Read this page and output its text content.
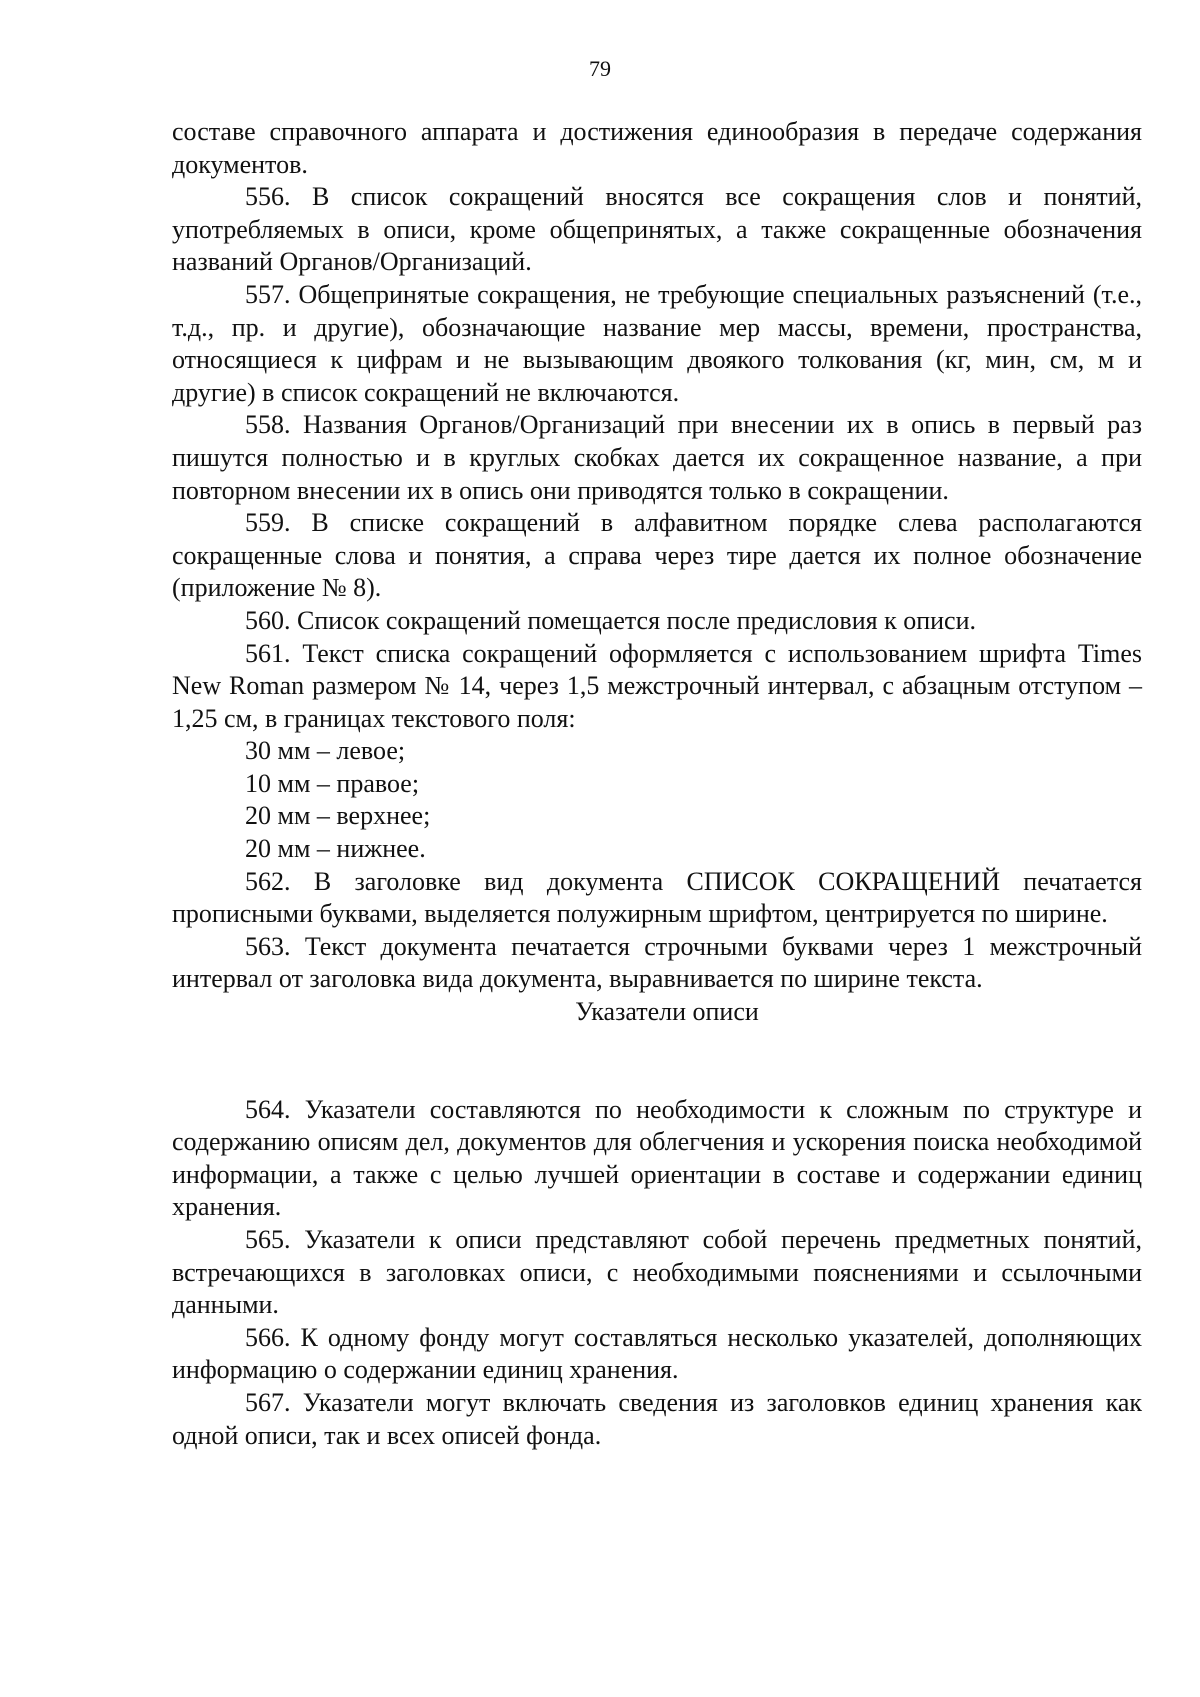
79

составе справочного аппарата и достижения единообразия в передаче содержания документов.

556. В список сокращений вносятся все сокращения слов и понятий, употребляемых в описи, кроме общепринятых, а также сокращенные обозначения названий Органов/Организаций.

557. Общепринятые сокращения, не требующие специальных разъяснений (т.е., т.д., пр. и другие), обозначающие название мер массы, времени, пространства, относящиеся к цифрам и не вызывающим двоякого толкования (кг, мин, см, м и другие) в список сокращений не включаются.

558. Названия Органов/Организаций при внесении их в опись в первый раз пишутся полностью и в круглых скобках дается их сокращенное название, а при повторном внесении их в опись они приводятся только в сокращении.

559. В списке сокращений в алфавитном порядке слева располагаются сокращенные слова и понятия, а справа через тире дается их полное обозначение (приложение № 8).

560. Список сокращений помещается после предисловия к описи.

561. Текст списка сокращений оформляется с использованием шрифта Times New Roman размером № 14, через 1,5 межстрочный интервал, с абзацным отступом – 1,25 см, в границах текстового поля:

30 мм – левое;

10 мм – правое;

20 мм – верхнее;

20 мм – нижнее.

562. В заголовке вид документа СПИСОК СОКРАЩЕНИЙ печатается прописными буквами, выделяется полужирным шрифтом, центрируется по ширине.

563. Текст документа печатается строчными буквами через 1 межстрочный интервал от заголовка вида документа, выравнивается по ширине текста.

Указатели описи

564. Указатели составляются по необходимости к сложным по структуре и содержанию описям дел, документов для облегчения и ускорения поиска необходимой информации, а также с целью лучшей ориентации в составе и содержании единиц хранения.

565. Указатели к описи представляют собой перечень предметных понятий, встречающихся в заголовках описи, с необходимыми пояснениями и ссылочными данными.

566. К одному фонду могут составляться несколько указателей, дополняющих информацию о содержании единиц хранения.

567. Указатели могут включать сведения из заголовков единиц хранения как одной описи, так и всех описей фонда.
